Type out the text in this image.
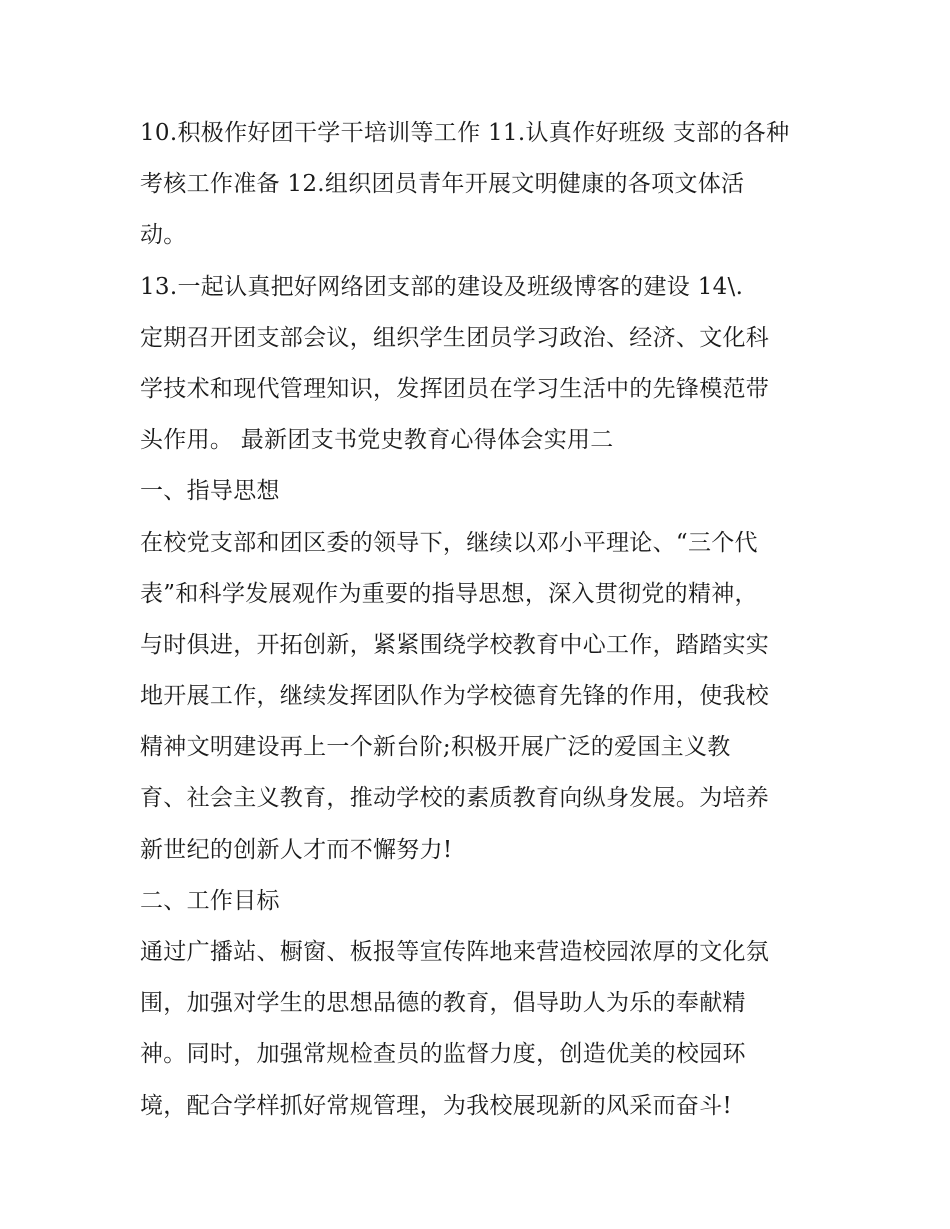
10.积极作好团干学干培训等工作 11.认真作好班级 支部的各种
考核工作准备 12.组织团员青年开展文明健康的各项文体活
动。
13.一起认真把好网络团支部的建设及班级博客的建设 14\.
定期召开团支部会议，组织学生团员学习政治、经济、文化科
学技术和现代管理知识，发挥团员在学习生活中的先锋模范带
头作用。 最新团支书党史教育心得体会实用二
一、指导思想
在校党支部和团区委的领导下，继续以邓小平理论、“三个代
表”和科学发展观作为重要的指导思想，深入贯彻党的精神，
与时俱进，开拓创新，紧紧围绕学校教育中心工作，踏踏实实
地开展工作，继续发挥团队作为学校德育先锋的作用，使我校
精神文明建设再上一个新台阶;积极开展广泛的爱国主义教
育、社会主义教育，推动学校的素质教育向纵身发展。为培养
新世纪的创新人才而不懈努力!
二、工作目标
通过广播站、橱窗、板报等宣传阵地来营造校园浓厚的文化氛
围，加强对学生的思想品德的教育，倡导助人为乐的奉献精
神。同时，加强常规检查员的监督力度，创造优美的校园环
境，配合学样抓好常规管理，为我校展现新的风采而奋斗!
